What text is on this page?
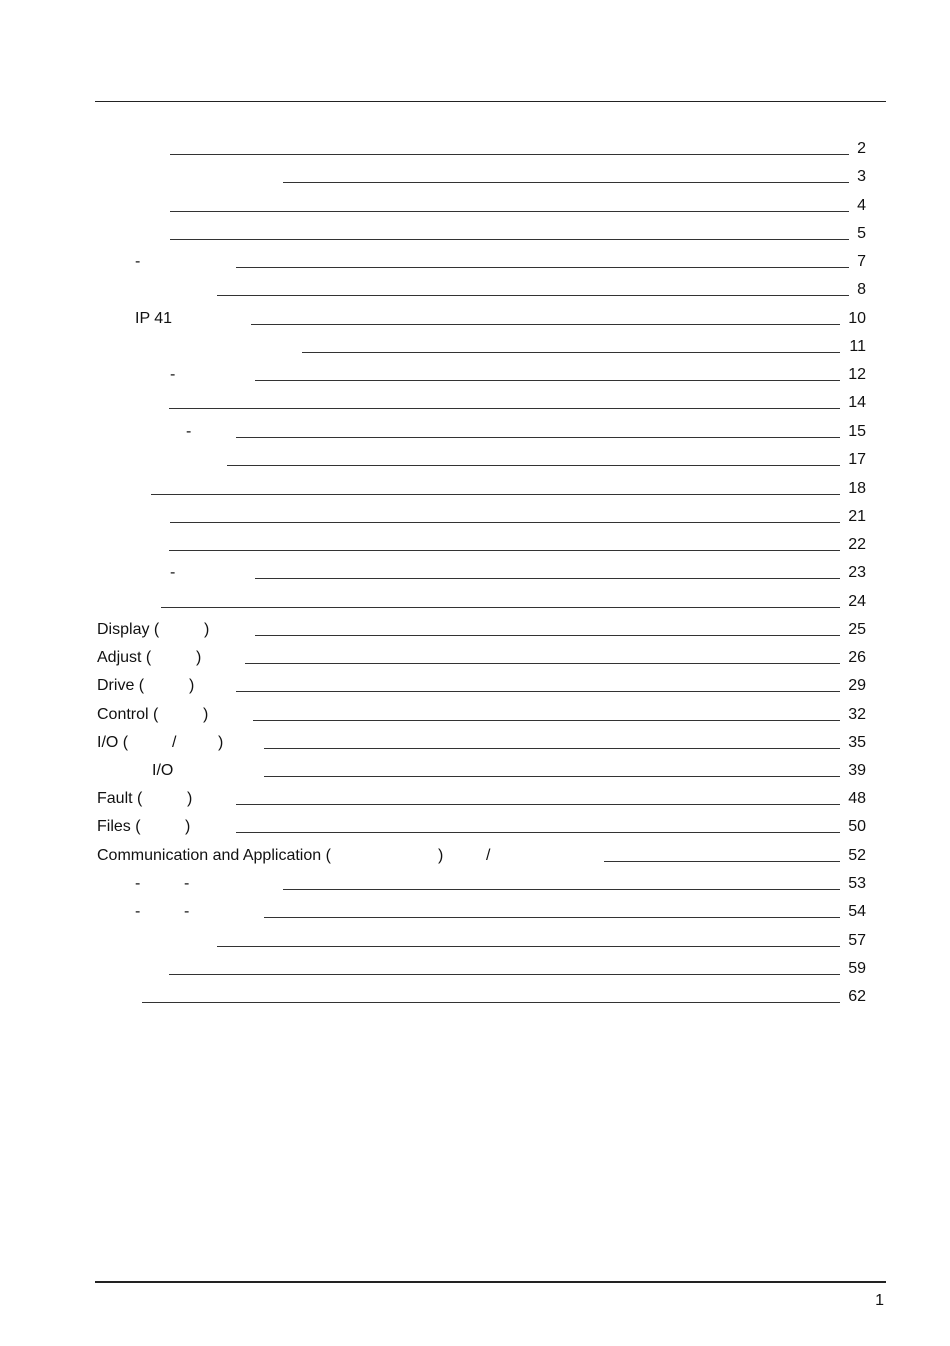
2
3
4
5
-	7
8
IP 41	10
11
-	12
14
-	15
17
18
21
22
-	23
24
Display (	)	25
Adjust (	)	26
Drive (	)	29
Control (	)	32
I/O (	/	)	35
I/O	39
Fault (	)	48
Files (	)	50
Communication and Application (	)	/	52
-	-	53
-	-	54
57
59
62
1
